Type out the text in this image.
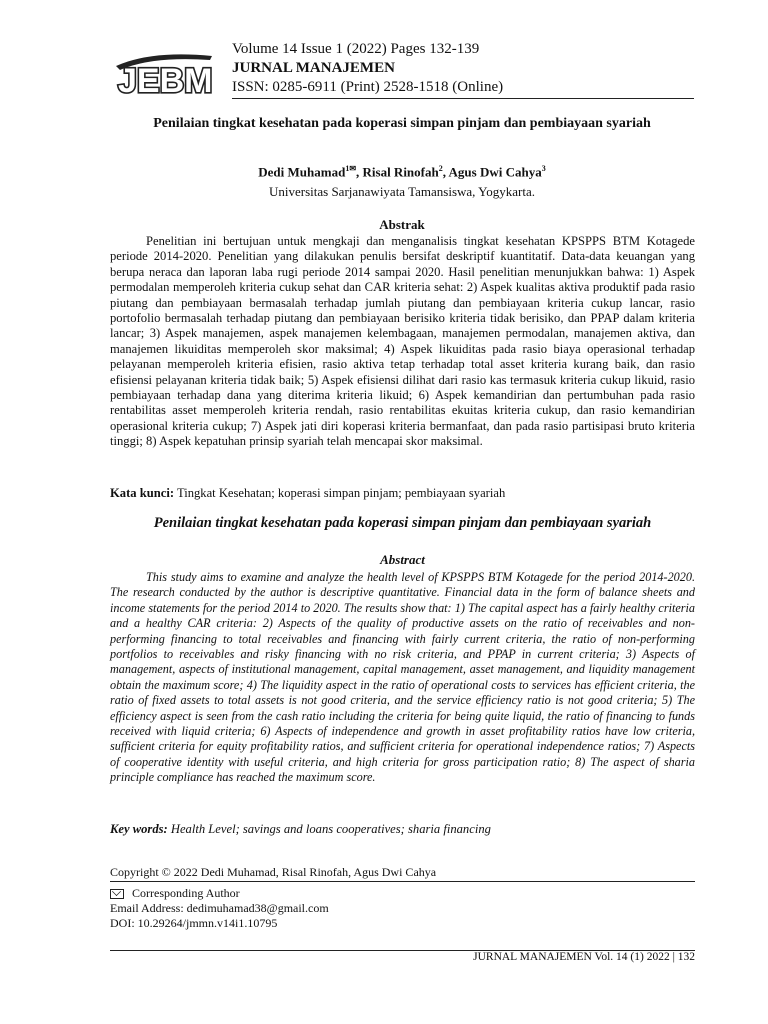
JEBM
Volume 14 Issue 1 (2022) Pages 132-139
JURNAL MANAJEMEN
ISSN: 0285-6911 (Print) 2528-1518 (Online)
Penilaian tingkat kesehatan pada koperasi simpan pinjam dan pembiayaan syariah
Dedi Muhamad$^{1✉}$, Risal Rinofah$^2$, Agus Dwi Cahya$^3$
Universitas Sarjanawiyata Tamansiswa, Yogykarta.
Abstrak
Penelitian ini bertujuan untuk mengkaji dan menganalisis tingkat kesehatan KPSPPS BTM Kotagede periode 2014-2020. Penelitian yang dilakukan penulis bersifat deskriptif kuantitatif. Data-data keuangan yang berupa neraca dan laporan laba rugi periode 2014 sampai 2020. Hasil penelitian menunjukkan bahwa: 1) Aspek permodalan memperoleh kriteria cukup sehat dan CAR kriteria sehat: 2) Aspek kualitas aktiva produktif pada rasio piutang dan pembiayaan bermasalah terhadap jumlah piutang dan pembiayaan kriteria cukup lancar, rasio portofolio bermasalah terhadap piutang dan pembiayaan berisiko kriteria tidak berisiko, dan PPAP dalam kriteria lancar; 3) Aspek manajemen, aspek manajemen kelembagaan, manajemen permodalan, manajemen aktiva, dan manajemen likuiditas memperoleh skor maksimal; 4) Aspek likuiditas pada rasio biaya operasional terhadap pelayanan memperoleh kriteria efisien, rasio aktiva tetap terhadap total asset kriteria kurang baik, dan rasio efisiensi pelayanan kriteria tidak baik; 5) Aspek efisiensi dilihat dari rasio kas termasuk kriteria cukup likuid, rasio pembiayaan terhadap dana yang diterima kriteria likuid; 6) Aspek kemandirian dan pertumbuhan pada rasio rentabilitas asset memperoleh kriteria rendah, rasio rentabilitas ekuitas kriteria cukup, dan rasio kemandirian operasional kriteria cukup; 7) Aspek jati diri koperasi kriteria bermanfaat, dan pada rasio partisipasi bruto kriteria tinggi; 8) Aspek kepatuhan prinsip syariah telah mencapai skor maksimal.
Kata kunci: Tingkat Kesehatan; koperasi simpan pinjam; pembiayaan syariah
Penilaian tingkat kesehatan pada koperasi simpan pinjam dan pembiayaan syariah
Abstract
This study aims to examine and analyze the health level of KPSPPS BTM Kotagede for the period 2014-2020. The research conducted by the author is descriptive quantitative. Financial data in the form of balance sheets and income statements for the period 2014 to 2020. The results show that: 1) The capital aspect has a fairly healthy criteria and a healthy CAR criteria: 2) Aspects of the quality of productive assets on the ratio of receivables and non-performing financing to total receivables and financing with fairly current criteria, the ratio of non-performing portfolios to receivables and risky financing with no risk criteria, and PPAP in current criteria; 3) Aspects of management, aspects of institutional management, capital management, asset management, and liquidity management obtain the maximum score; 4) The liquidity aspect in the ratio of operational costs to services has efficient criteria, the ratio of fixed assets to total assets is not good criteria, and the service efficiency ratio is not good criteria; 5) The efficiency aspect is seen from the cash ratio including the criteria for being quite liquid, the ratio of financing to funds received with liquid criteria; 6) Aspects of independence and growth in asset profitability ratios have low criteria, sufficient criteria for equity profitability ratios, and sufficient criteria for operational independence ratios; 7) Aspects of cooperative identity with useful criteria, and high criteria for gross participation ratio; 8) The aspect of sharia principle compliance has reached the maximum score.
Key words: Health Level; savings and loans cooperatives; sharia financing
Copyright © 2022 Dedi Muhamad, Risal Rinofah, Agus Dwi Cahya
Corresponding Author
Email Address: dedimuhamad38@gmail.com
DOI: 10.29264/jmmn.v14i1.10795
JURNAL MANAJEMEN Vol. 14 (1) 2022 | 132
